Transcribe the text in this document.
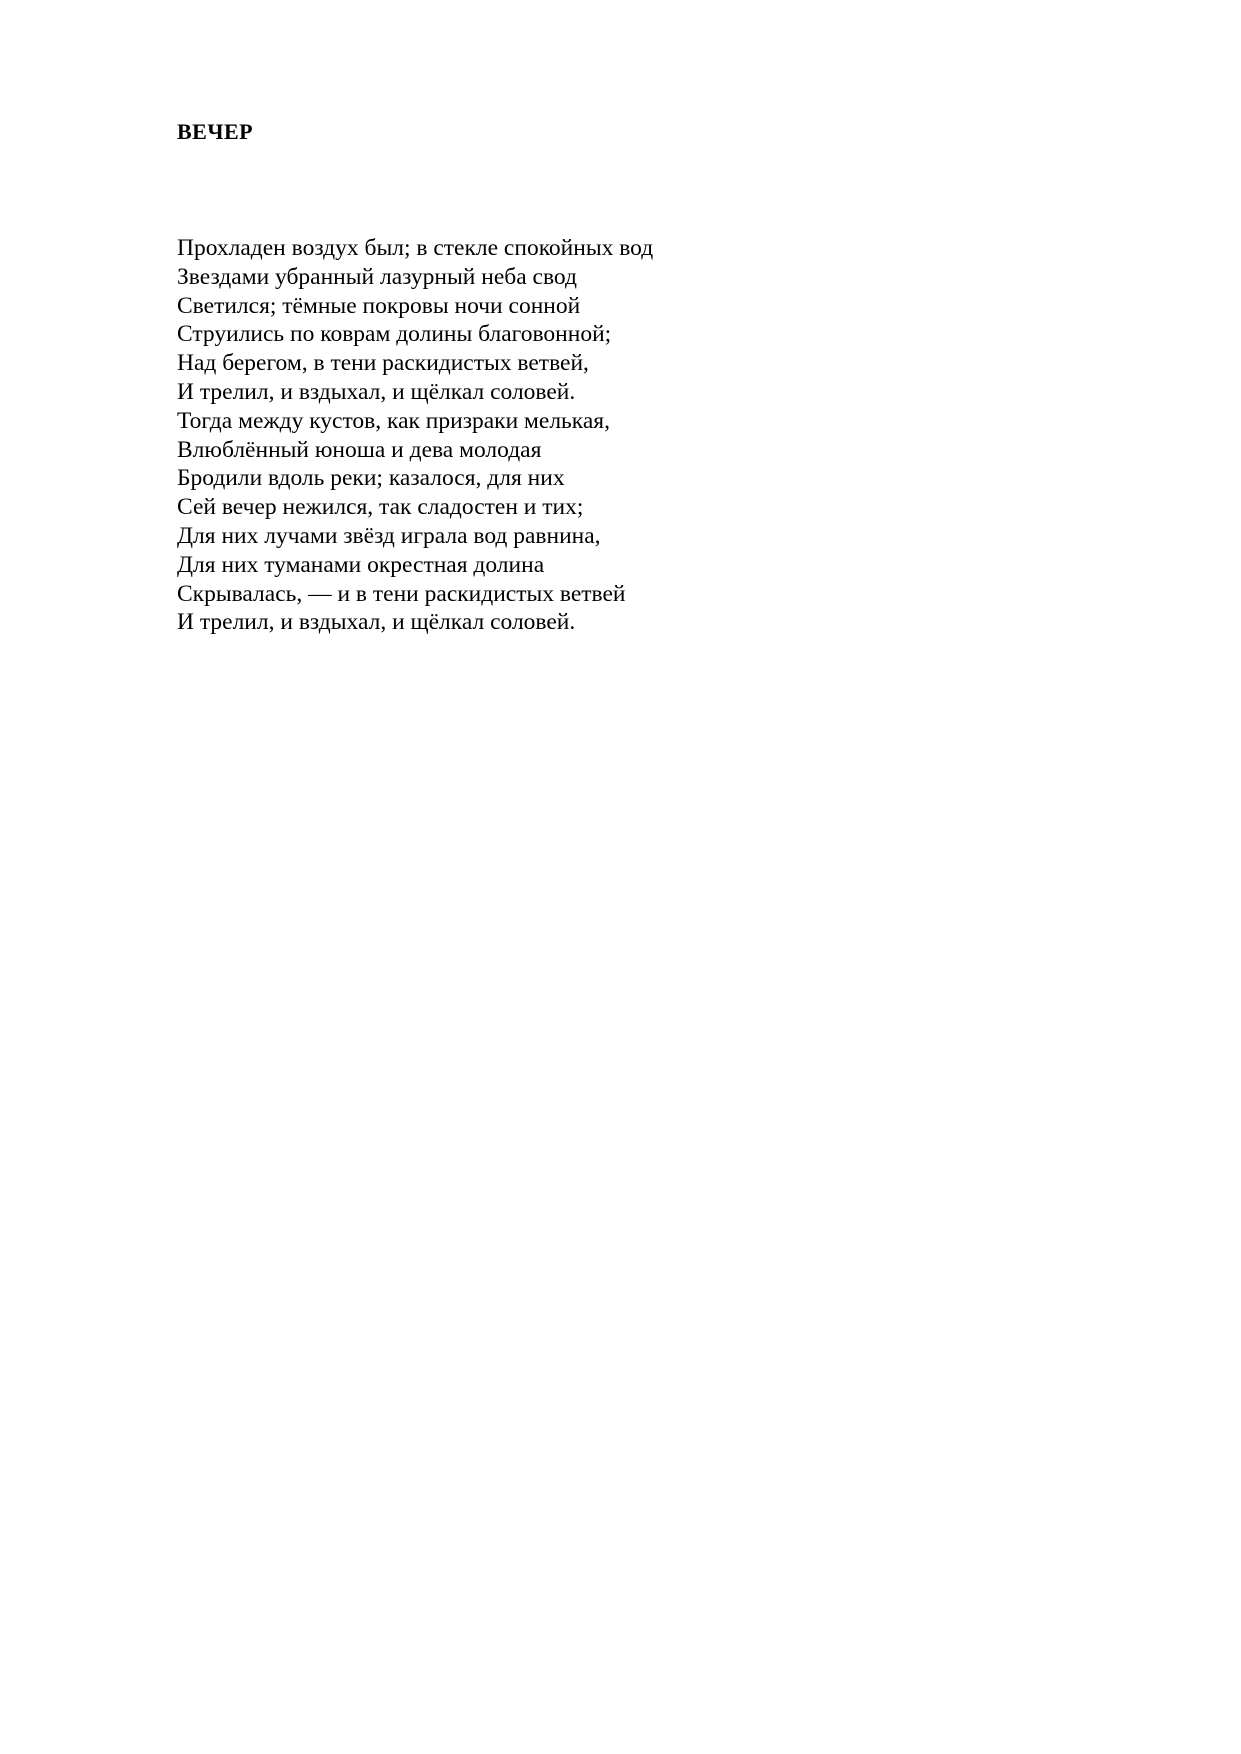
ВЕЧЕР
Прохладен воздух был; в стекле спокойных вод
Звездами убранный лазурный неба свод
Светился; тёмные покровы ночи сонной
Струились по коврам долины благовонной;
Над берегом, в тени раскидистых ветвей,
И трелил, и вздыхал, и щёлкал соловей.
Тогда между кустов, как призраки мелькая,
Влюблённый юноша и дева молодая
Бродили вдоль реки; казалося, для них
Сей вечер нежился, так сладостен и тих;
Для них лучами звёзд играла вод равнина,
Для них туманами окрестная долина
Скрывалась, — и в тени раскидистых ветвей
И трелил, и вздыхал, и щёлкал соловей.
